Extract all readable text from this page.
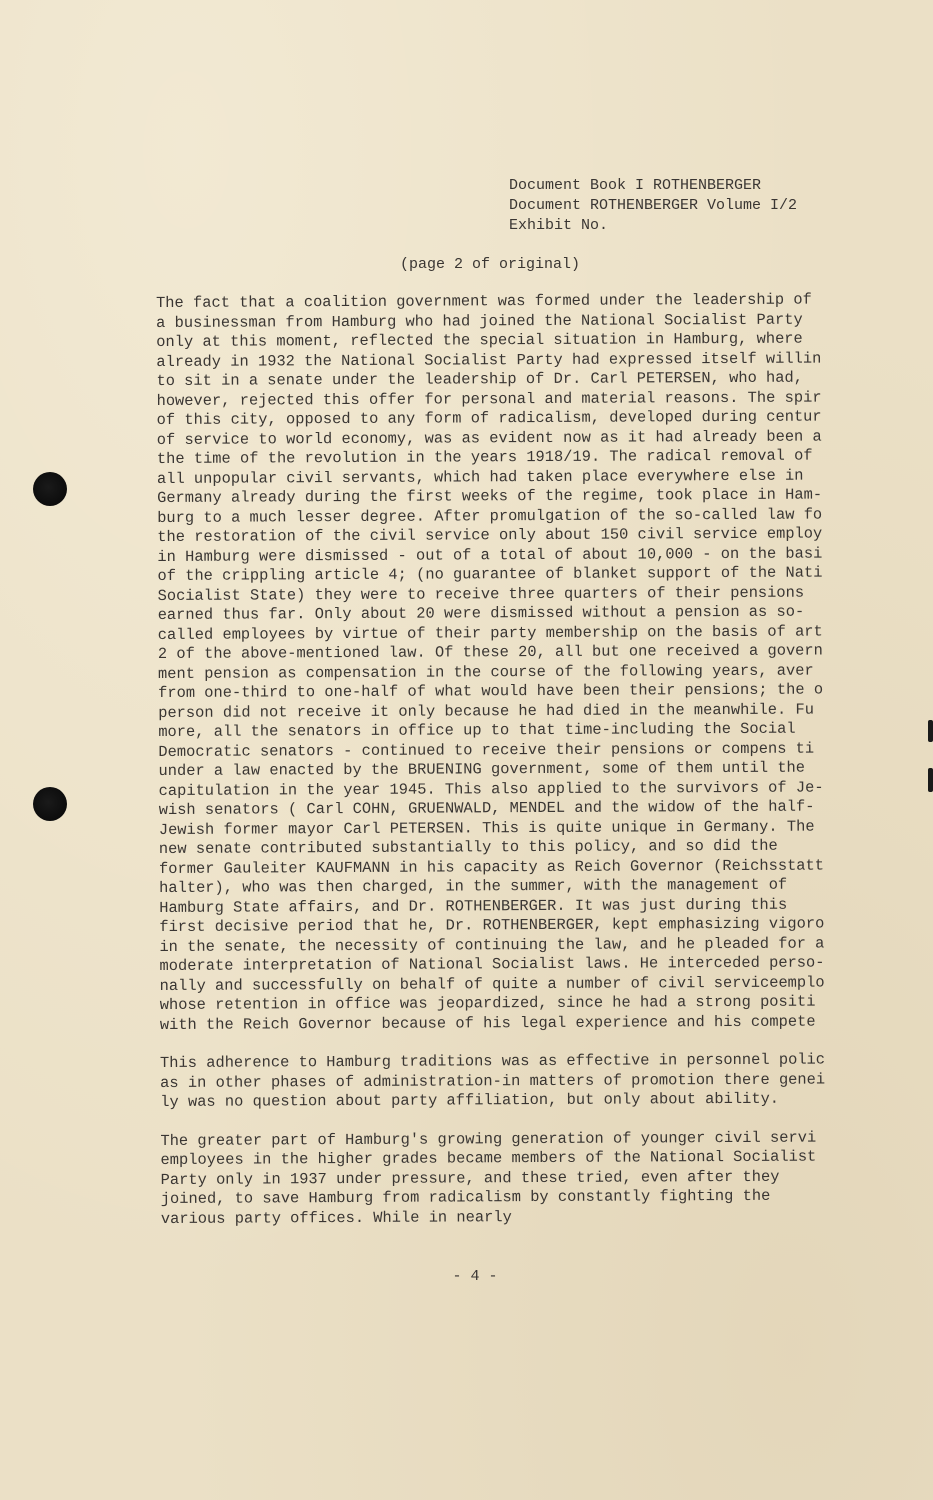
Document Book I ROTHENBERGER
Document ROTHENBERGER Volume I/2
Exhibit No.
(page 2 of original)
The fact that a coalition government was formed under the leadership of
a businessman from Hamburg who had joined the National Socialist Party
only at this moment, reflected the special situation in Hamburg, where
already in 1932 the National Socialist Party had expressed itself willin
to sit in a senate under the leadership of Dr. Carl PETERSEN, who had,
however, rejected this offer for personal and material reasons. The spir
of this city, opposed to any form of radicalism, developed during centur
of service to world economy, was as evident now as it had already been a
the time of the revolution in the years 1918/19. The radical removal of
all unpopular civil servants, which had taken place everywhere else in
Germany already during the first weeks of the regime, took place in Ham-
burg to a much lesser degree. After promulgation of the so-called law fo
the restoration of the civil service only about 150 civil service employ
in Hamburg were dismissed - out of a total of about 10,000 - on the basi
of the crippling article 4; (no guarantee of blanket support of the Nati
Socialist State) they were to receive three quarters of their pensions
earned thus far. Only about 20 were dismissed without a pension as so-
called employees by virtue of their party membership on the basis of art
2 of the above-mentioned law. Of these 20, all but one received a govern
ment pension as compensation in the course of the following years, aver
from one-third to one-half of what would have been their pensions; the o
person did not receive it only because he had died in the meanwhile. Fu
more, all the senators in office up to that time-including the Social
Democratic senators - continued to receive their pensions or compens ti
under a law enacted by the BRUENING government, some of them until the
capitulation in the year 1945. This also applied to the survivors of Je-
wish senators ( Carl COHN, GRUENWALD, MENDEL and the widow of the half-
Jewish former mayor Carl PETERSEN. This is quite unique in Germany. The
new senate contributed substantially to this policy, and so did the
former Gauleiter KAUFMANN in his capacity as Reich Governor (Reichsstatt
halter), who was then charged, in the summer, with the management of
Hamburg State affairs, and Dr. ROTHENBERGER. It was just during this
first decisive period that he, Dr. ROTHENBERGER, kept emphasizing vigoro
in the senate, the necessity of continuing the law, and he pleaded for a
moderate interpretation of National Socialist laws. He interceded perso-
nally and successfully on behalf of quite a number of civil serviceemplo
whose retention in office was jeopardized, since he had a strong positi
with the Reich Governor because of his legal experience and his compete
This adherence to Hamburg traditions was as effective in personnel polic
as in other phases of administration-in matters of promotion there genei
ly was no question about party affiliation, but only about ability.
The greater part of Hamburg's growing generation of younger civil servi
employees in the higher grades became members of the National Socialist
Party only in 1937 under pressure, and these tried, even after they
joined, to save Hamburg from radicalism by constantly fighting the
various party offices. While in nearly
- 4 -
